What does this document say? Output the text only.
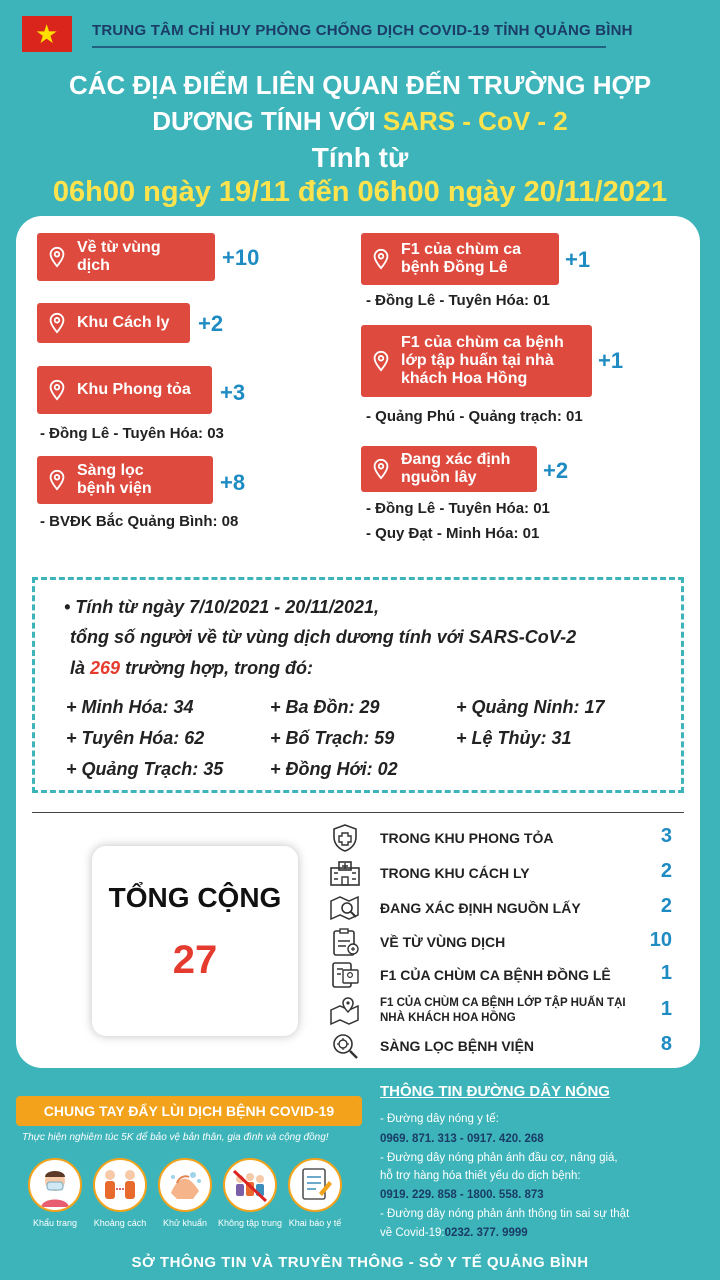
★ TRUNG TÂM CHỈ HUY PHÒNG CHỐNG DỊCH COVID-19 TỈNH QUẢNG BÌNH
CÁC ĐỊA ĐIỂM LIÊN QUAN ĐẾN TRƯỜNG HỢP
DƯƠNG TÍNH VỚI SARS - CoV - 2
Tính từ
06h00 ngày 19/11 đến 06h00 ngày 20/11/2021
Về từ vùng dịch	+10
Khu Cách ly +2
Khu Phong tỏa +3
- Đồng Lê - Tuyên Hóa: 03
Sàng lọc bệnh viện	+8
- BVĐK Bắc Quảng Bình: 08
F1 của chùm ca bệnh Đồng Lê	+1
- Đồng Lê - Tuyên Hóa: 01
F1 của chùm ca bệnh lớp tập huấn tại nhà khách Hoa Hồng
+1
- Quảng Phú - Quảng trạch: 01
Đang xác định nguồn lây	+2
- Đồng Lê - Tuyên Hóa: 01
- Quy Đạt - Minh Hóa: 01
• Tính từ ngày 7/10/2021 - 20/11/2021,
tổng số người về từ vùng dịch dương tính với SARS-CoV-2
là 269 trường hợp, trong đó:
+ Minh Hóa: 34	+ Ba Đồn: 29	+ Quảng Ninh: 17
+ Tuyên Hóa: 62	+ Bố Trạch: 59	+ Lệ Thủy: 31
+ Quảng Trạch: 35	+ Đồng Hới: 02
TỔNG CỘNG
27
TRONG KHU PHONG TỎA	3
TRONG KHU CÁCH LY	2
ĐANG XÁC ĐỊNH NGUỒN LẤY	2
VỀ TỪ VÙNG DỊCH	10
F1 CỦA CHÙM CA BỆNH ĐỒNG LÊ	1
F1 CỦA CHÙM CA BỆNH LỚP TẬP HUẤN TẠI NHÀ KHÁCH HOA HỒNG	1
SÀNG LỌC BỆNH VIỆN	8
CHUNG TAY ĐẨY LÙI DỊCH BỆNH COVID-19
Thực hiện nghiêm túc 5K để bảo vệ bản thân, gia đình và cộng đồng!
Khẩu trang	Khoảng cách	Khử khuẩn	Không tập trung Khai báo y tế
THÔNG TIN ĐƯỜNG DÂY NÓNG
- Đường dây nóng y tế:
0969. 871. 313 - 0917. 420. 268
- Đường dây nóng phản ánh đầu cơ, nâng giá,
hỗ trợ hàng hóa thiết yếu do dịch bệnh:
0919. 229. 858 - 1800. 558. 873
- Đường dây nóng phản ánh thông tin sai sự thật
về Covid-19:0232. 377. 9999
SỞ THÔNG TIN VÀ TRUYỀN THÔNG - SỞ Y TẾ QUẢNG BÌNH
